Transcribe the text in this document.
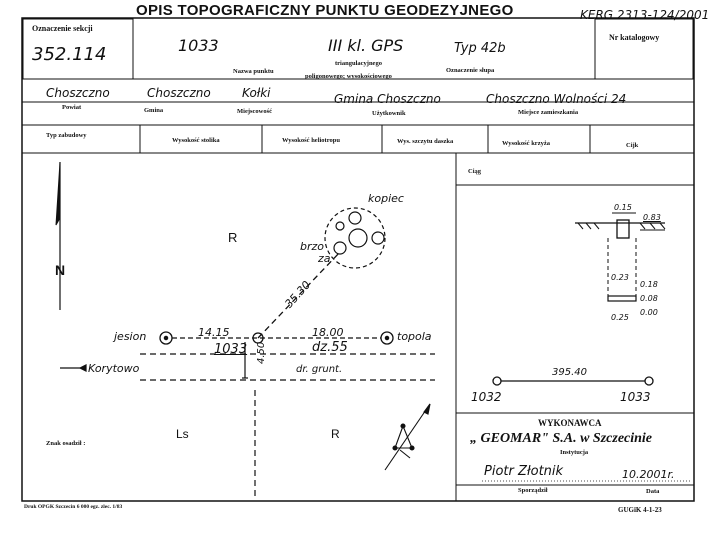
OPIS TOPOGRAFICZNY PUNKTU GEODEZYJNEGO	KERG 2313-124/2001
Oznaczenie sekcji
352.114
Nr katalogowy
1033	III kl. GPS	Typ 42b
Nazwa punktu
triangulacyjnego
poligonowego; wysokościowego
Oznaczenie słupa
Choszczno	Choszczno	Kołki	Gmina Choszczno	Choszczno Wolności 24
Powiat	Gmina	Miejscowość	Użytkownik	Miejsce zamieszkania
Typ zabudowy
Wysokość stolika	Wysokość heliotropu	Wys. szczytu daszka	Wysokość krzyża	Cijk
R
N
kopiec
brzo
za
35.30
jesion	topola
14.15	18.00
1033	dz.55
4.50
Korytowo	dr. grunt.
Ls	R
Znak osadził :
Ciąg
0.15
0.83
0.23
0.18
0.08
0.25
0.00
395.40
1032	1033
WYKONAWCA
„ GEOMAR" S.A. w Szczecinie
Instytucja
Piotr Złotnik	10.2001r.
Sporządził	Data
Druk OPGK Szczecin 6 000 egz. zlec. 1/83	GUGiK 4-1-23
